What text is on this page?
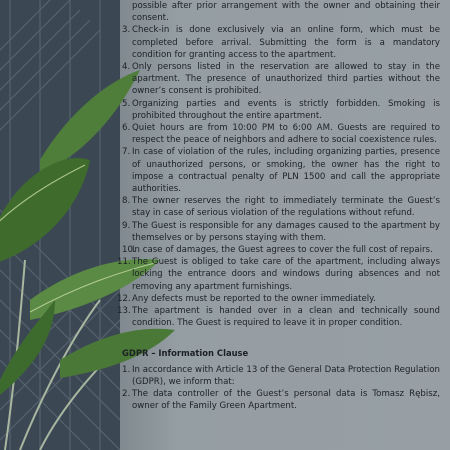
possible after prior arrangement with the owner and obtaining their consent.
3. Check-in is done exclusively via an online form, which must be completed before arrival. Submitting the form is a mandatory condition for granting access to the apartment.
4. Only persons listed in the reservation are allowed to stay in the apartment. The presence of unauthorized third parties without the owner’s consent is prohibited.
5. Organizing parties and events is strictly forbidden. Smoking is prohibited throughout the entire apartment.
6. Quiet hours are from 10:00 PM to 6:00 AM. Guests are required to respect the peace of neighbors and adhere to social coexistence rules.
7. In case of violation of the rules, including organizing parties, presence of unauthorized persons, or smoking, the owner has the right to impose a contractual penalty of PLN 1500 and call the appropriate authorities.
8. The owner reserves the right to immediately terminate the Guest’s stay in case of serious violation of the regulations without refund.
9. The Guest is responsible for any damages caused to the apartment by themselves or by persons staying with them.
10.
In case of damages, the Guest agrees to cover the full cost of repairs.
11. The Guest is obliged to take care of the apartment, including always locking the entrance doors and windows during absences and not removing any apartment furnishings.
12. Any defects must be reported to the owner immediately.
13. The apartment is handed over in a clean and technically sound condition. The Guest is required to leave it in proper condition.
GDPR – Information Clause
1. In accordance with Article 13 of the General Data Protection Regulation (GDPR), we inform that:
2. The data controller of the Guest’s personal data is Tomasz Rębisz, owner of the Family Green Apartment.
